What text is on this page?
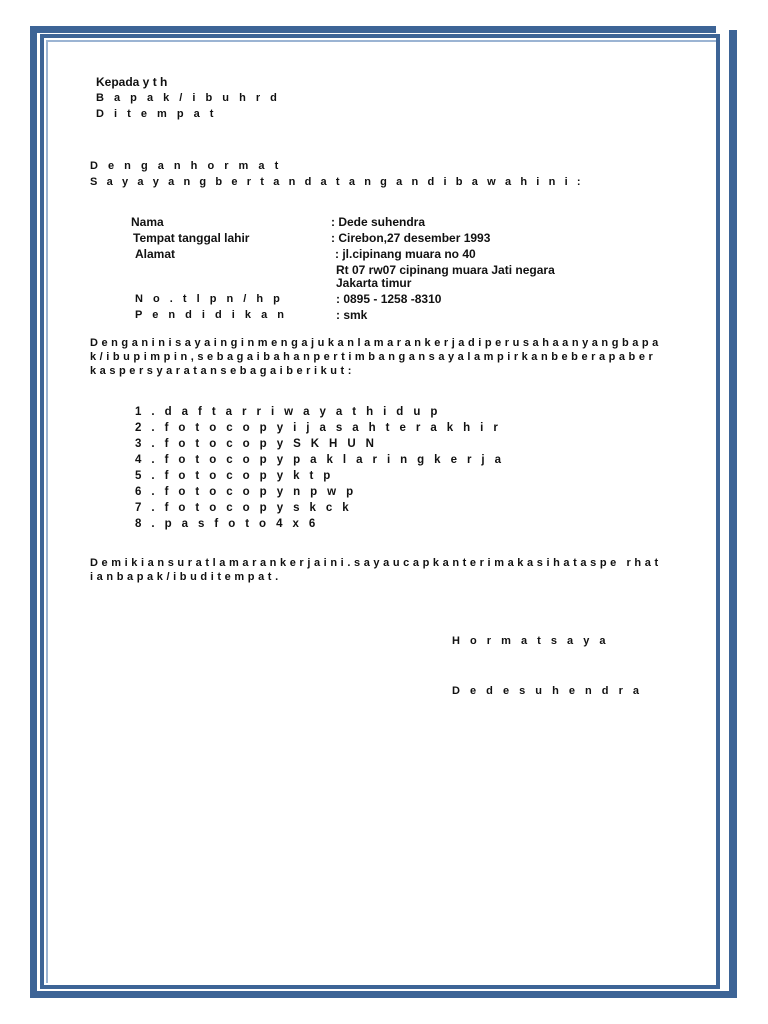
Kepada y t h
B a p a k / i b u h r d
D i t e m p a t
D e n g a n h o r m a t
S a y a y a n g b e r t a n d a t a n g a n d i b a w a h i n i :
Nama	: Dede suhendra
Tempat tanggal lahir	: Cirebon,27 desember 1993
Alamat	: jl.cipinang muara no 40
Rt 07 rw07 cipinang muara Jati negara
Jakarta timur
N o . t l p n / h p	: 0895 - 1258 -8310
P e n d i d i k a n	: smk
Denganinisayainginmengajukanlamarankerjadiperusahaanyangbapak/ibupimpin,sebagaibahanpertimbangansayalampirkanbeberapaberkaspersyaratansebagaiberikut:
1 . d a f t a r r i w a y a t h i d u p
2 . f o t o c o p y i j a s a h t e r a k h i r
3 . f o t o c o p y S K H U N
4 . f o t o c o p y p a k l a r i n g k e r j a
5 . f o t o c o p y k t p
6 . f o t o c o p y n p w p
7 . f o t o c o p y s k c k
8 . p a s f o t o 4 x 6
Demikiansuratlamarankerjaini.sayaucapkanterimakasihataspe rhatianbapak/ibuditempat.
H o r m a t s a y a
D e d e s u h e n d r a
